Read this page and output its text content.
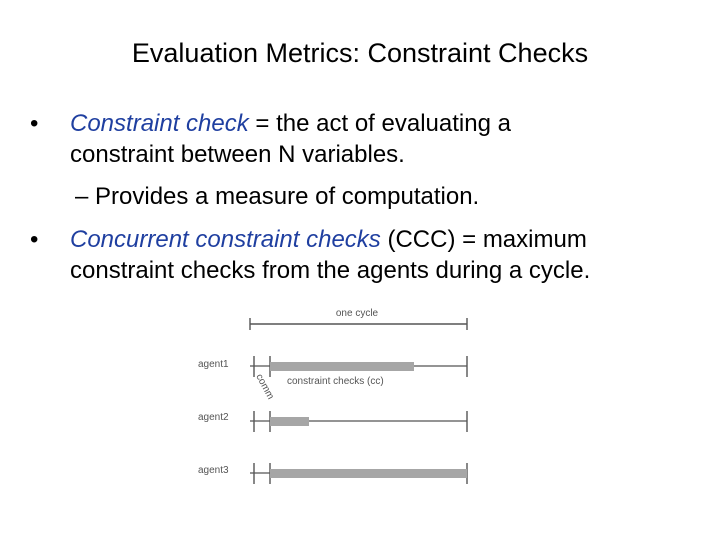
Evaluation Metrics: Constraint Checks
• Constraint check = the act of evaluating a
constraint between N variables.
– Provides a measure of computation.
• Concurrent constraint checks (CCC) = maximum
constraint checks from the agents during a cycle.
one cycle
agent1
comm constraint checks (cc)
agent2
agent3
